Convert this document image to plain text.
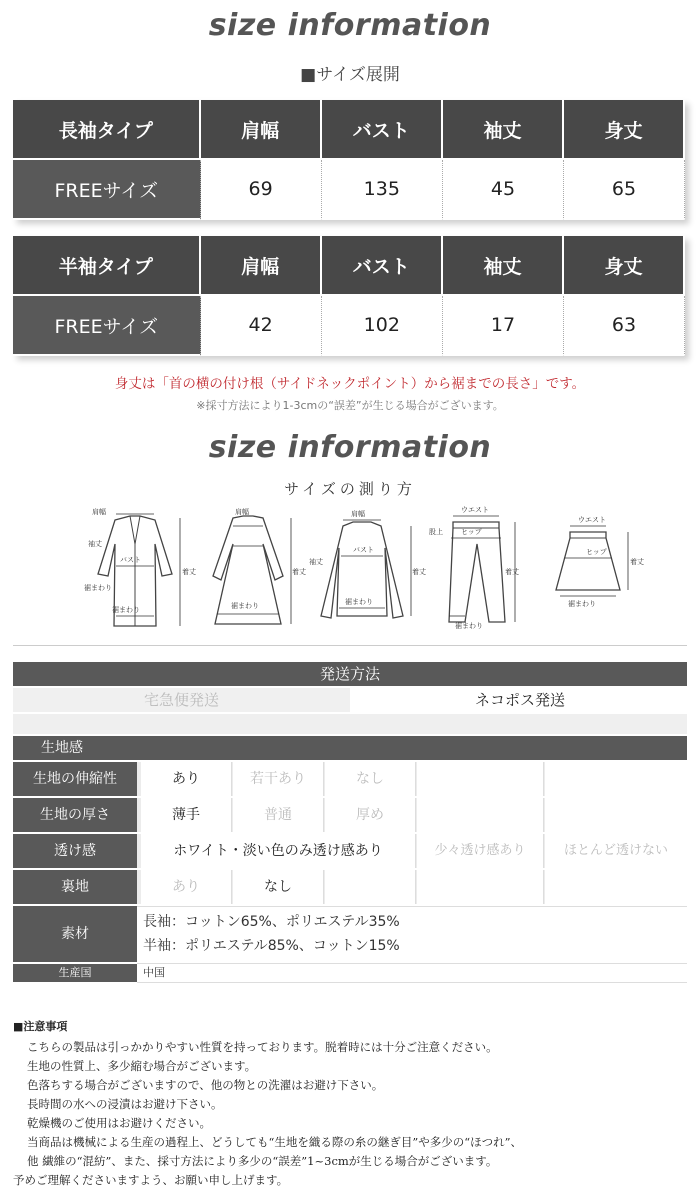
size information
■サイズ展開
長袖タイプ	肩幅	バスト	袖丈	身丈
FREEサイズ	69	135	45	65
半袖タイプ	肩幅	バスト	袖丈	身丈
FREEサイズ	42	102	17	63
身丈は「首の横の付け根（サイドネックポイント）から裾までの長さ」です。
※採寸方法により1-3cmの“誤差”が生じる場合がございます。
size information
サイズの測り方
肩幅
袖丈
バスト
裾まわり
裾まわり
着丈
肩幅
裾まわり
着丈
肩幅
バスト
袖丈
裾まわり
着丈
ウエスト
ヒップ
股上
裾まわり
着丈
ウエスト
ヒップ
裾まわり
着丈
発送方法
宅急便発送	ネコポス発送
生地感
生地の伸縮性	あり	若干あり	なし
生地の厚さ	薄手	普通	厚め
透け感	ホワイト・淡い色のみ透け感あり	少々透け感あり	ほとんど透けない
裏地	あり	なし
素材
長袖：コットン65%、ポリエステル35%
半袖：ポリエステル85%、コットン15%
生産国	中国
■注意事項
こちらの製品は引っかかりやすい性質を持っております。脱着時には十分ご注意ください。
生地の性質上、多少縮む場合がございます。
色落ちする場合がございますので、他の物との洗濯はお避け下さい。
長時間の水への浸漬はお避け下さい。
乾燥機のご使用はお避けください。
当商品は機械による生産の過程上、どうしても“生地を織る際の糸の継ぎ目”や多少の“ほつれ”、
他 繊維の“混紡”、また、採寸方法により多少の“誤差”1~3cmが生じる場合がございます。
予めご理解くださいますよう、お願い申し上げます。
